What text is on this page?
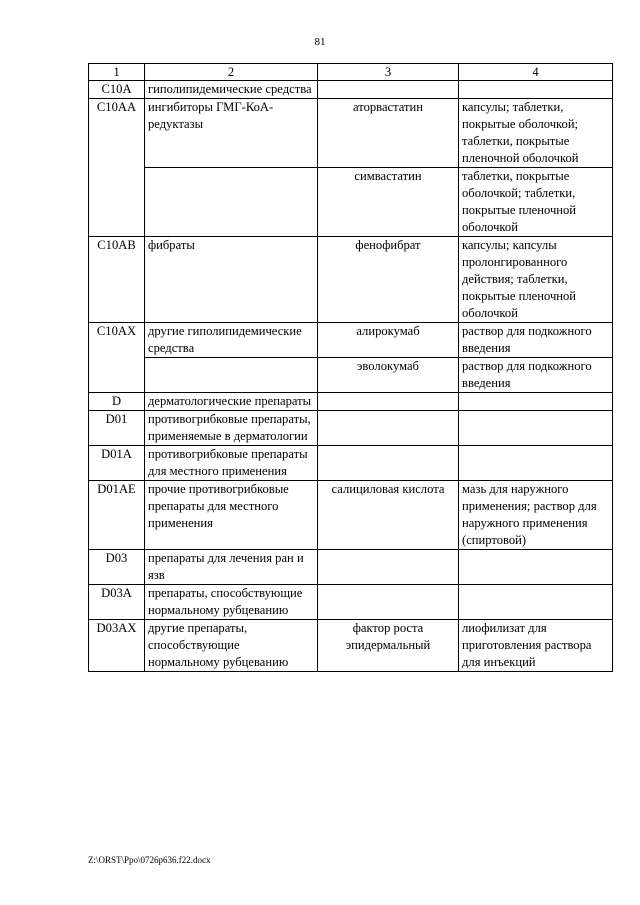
81
1	2	3	4
C10A	гиполипидемические средства		
C10AA	ингибиторы ГМГ-КоА-редуктазы	аторвастатин	капсулы; таблетки, покрытые оболочкой; таблетки, покрытые пленочной оболочкой
		симвастатин	таблетки, покрытые оболочкой; таблетки, покрытые пленочной оболочкой
C10AB	фибраты	фенофибрат	капсулы; капсулы пролонгированного действия; таблетки, покрытые пленочной оболочкой
C10AX	другие гиполипидемические средства	алирокумаб	раствор для подкожного введения
		эволокумаб	раствор для подкожного введения
D	дерматологические препараты		
D01	противогрибковые препараты, применяемые в дерматологии		
D01A	противогрибковые препараты для местного применения		
D01AE	прочие противогрибковые препараты для местного применения	салициловая кислота	мазь для наружного применения; раствор для наружного применения (спиртовой)
D03	препараты для лечения ран и язв		
D03A	препараты, способствующие нормальному рубцеванию		
D03AX	другие препараты, способствующие нормальному рубцеванию	фактор роста эпидермальный	лиофилизат для приготовления раствора для инъекций
Z:\ORST\Ppo\0726p636.f22.docx
